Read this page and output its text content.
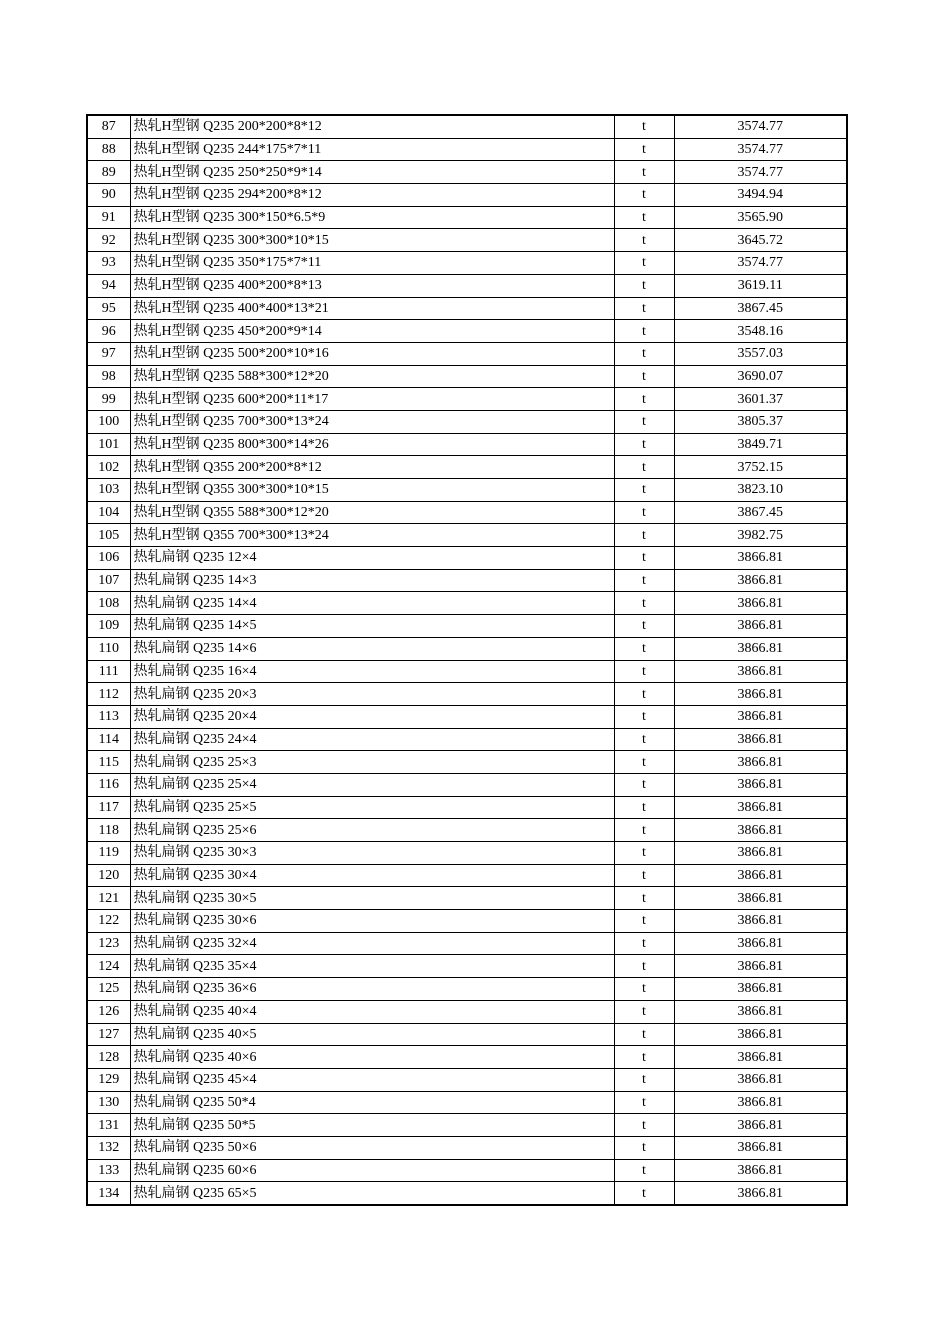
87	热轧H型钢 Q235 200*200*8*12	t	3574.77
88	热轧H型钢 Q235 244*175*7*11	t	3574.77
89	热轧H型钢 Q235 250*250*9*14	t	3574.77
90	热轧H型钢 Q235 294*200*8*12	t	3494.94
91	热轧H型钢 Q235 300*150*6.5*9	t	3565.90
92	热轧H型钢 Q235 300*300*10*15	t	3645.72
93	热轧H型钢 Q235 350*175*7*11	t	3574.77
94	热轧H型钢 Q235 400*200*8*13	t	3619.11
95	热轧H型钢 Q235 400*400*13*21	t	3867.45
96	热轧H型钢 Q235 450*200*9*14	t	3548.16
97	热轧H型钢 Q235 500*200*10*16	t	3557.03
98	热轧H型钢 Q235 588*300*12*20	t	3690.07
99	热轧H型钢 Q235 600*200*11*17	t	3601.37
100	热轧H型钢 Q235 700*300*13*24	t	3805.37
101	热轧H型钢 Q235 800*300*14*26	t	3849.71
102	热轧H型钢 Q355 200*200*8*12	t	3752.15
103	热轧H型钢 Q355 300*300*10*15	t	3823.10
104	热轧H型钢 Q355 588*300*12*20	t	3867.45
105	热轧H型钢 Q355 700*300*13*24	t	3982.75
106	热轧扁钢 Q235 12×4	t	3866.81
107	热轧扁钢 Q235 14×3	t	3866.81
108	热轧扁钢 Q235 14×4	t	3866.81
109	热轧扁钢 Q235 14×5	t	3866.81
110	热轧扁钢 Q235 14×6	t	3866.81
111	热轧扁钢 Q235 16×4	t	3866.81
112	热轧扁钢 Q235 20×3	t	3866.81
113	热轧扁钢 Q235 20×4	t	3866.81
114	热轧扁钢 Q235 24×4	t	3866.81
115	热轧扁钢 Q235 25×3	t	3866.81
116	热轧扁钢 Q235 25×4	t	3866.81
117	热轧扁钢 Q235 25×5	t	3866.81
118	热轧扁钢 Q235 25×6	t	3866.81
119	热轧扁钢 Q235 30×3	t	3866.81
120	热轧扁钢 Q235 30×4	t	3866.81
121	热轧扁钢 Q235 30×5	t	3866.81
122	热轧扁钢 Q235 30×6	t	3866.81
123	热轧扁钢 Q235 32×4	t	3866.81
124	热轧扁钢 Q235 35×4	t	3866.81
125	热轧扁钢 Q235 36×6	t	3866.81
126	热轧扁钢 Q235 40×4	t	3866.81
127	热轧扁钢 Q235 40×5	t	3866.81
128	热轧扁钢 Q235 40×6	t	3866.81
129	热轧扁钢 Q235 45×4	t	3866.81
130	热轧扁钢 Q235 50*4	t	3866.81
131	热轧扁钢 Q235 50*5	t	3866.81
132	热轧扁钢 Q235 50×6	t	3866.81
133	热轧扁钢 Q235 60×6	t	3866.81
134	热轧扁钢 Q235 65×5	t	3866.81
